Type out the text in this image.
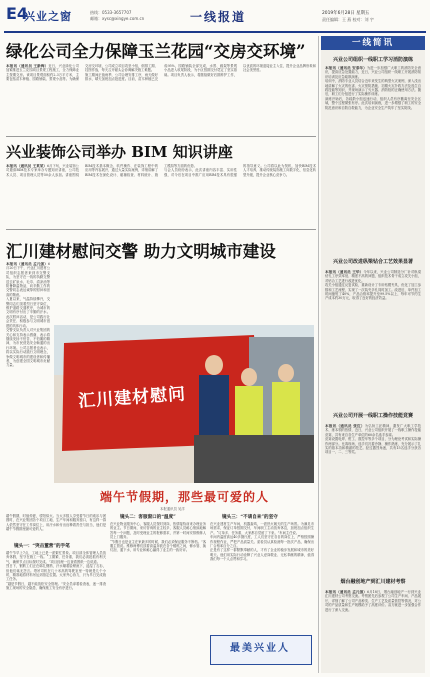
E4
兴业之窗	热线：0533-3657707
邮箱：xysc@xingye.com.cn	一线报道	2019年6月28日 星期五
责任编辑：王 燕 校对：刘 宇
绿化公司全力保障玉兰花园“交房交环境”
本报讯（通讯员 王新梅）近日，兴业绿化公司加紧推进玉兰花园项目景观工程施工，全力保障业主按期交房。该项目景观面积约2.3万平方米，主要包括苗木种植、园路铺装、景观小品等。为确保交房交环境，公司成立项目攻坚小组，倒排工期、挂图作战，每天召开碰头会协调解决施工难题。
施工期间正值雨季，公司合理安排工序，雨天做好排水，晴天加班加点抢进度。目前，苗木种植已完成95%，园路铺装全部完成，水景、廊架等景观小品进入收尾阶段，为小区按期交付奠定了坚实基础。项目负责人表示，将继续做好后期养护工作，以优质的环境迎接业主入住，提升企业品牌形象和社会美誉度。
兴业装饰公司举办 BIM 知识讲座
本报讯（通讯员 王某某）6月下旬，兴业装饰公司邀请BIM技术专家举办专题知识讲座，公司技术人员、项目管理人员等50余人参加。讲座围绕BIM技术基本概念、软件操作、在装饰工程中的应用等内容展开，通过大量实际案例，详细讲解了BIM技术在深化设计、碰撞检查、材料统计、施工模拟等方面的优势。
与会人员纷纷表示，此次讲座内容丰富、实用性强，对今后在项目中推广应用BIM技术具有很强的指导意义。公司将以此为契机，加快BIM技术人才培养，推动传统装饰施工向数字化、信息化转型升级，提升企业核心竞争力。
汇川建材慰问交警 助力文明城市建设
本报讯（通讯员 孟凡强）6月20日下午，兴业汇川建材公司组织志愿者来到市交警支队，为坚守在一线的执勤交警送去矿泉水、毛巾、清凉油等防暑降温物品，向辛勤工作的交警同志表达诚挚的慰问和崇高的敬意。
入夏以来，气温持续攀升，交警同志们顶着烈日坚守岗位，维护道路交通秩序，为城市的文明有序付出了辛勤的汗水。此次慰问活动，是公司践行社会责任、积极参与文明城市创建的具体行动。
交警支队负责人对兴业集团的关心和支持表示感谢，表示将继续发扬不怕苦、不怕累的精神，为市民营造安全畅通的出行环境。公司志愿者也表示，将以实际行动践行文明理念，争做文明城市的建设者和传播者，为创建全国文明城市贡献力量。
汇川建材慰问
端午节假期，那些最可爱的人
本报通讯员 吴洋
端午假期，时值仲夏，骄阳似火。当大多数人享受着节日的欢乐与团圆时，在兴业集团各个项目工地、生产车间和服务窗口，有这样一群人依然坚守在工作岗位上，用汗水和付出诠释着责任与担当，他们是端午节假期里最可爱的人。
镜头一：“突击董营”的手笔
端午节早上7点，工地上已是一派繁忙景象。项目部全体管理人员放弃休假，坚守在施工一线。“工期紧、任务重，我们必须抢抓有利天气，确保节点目标按时完成。”项目经理一边查看图纸一边说道。
烈日下，钢筋工们正在绑扎钢筋，汗水顺着脸颊流下，浸湿了衣衫，但他们毫无怨言。塔吊司机在几十米高的驾驶室里一待就是几个小时，精准地将材料吊运到指定位置。大家齐心协力，只为早日完成施工任务。
“越是节假日，越不能放松安全管理。”安全员拿着检查表，逐一排查施工现场的安全隐患，确保施工安全有序进行。
镜头二：客服窗口的“温度”
在兴业物业服务中心，客服人员按时到岗，热情接待前来办理业务的业主。节日期间，来访咨询的业主较多，客服人员耐心细致地解答每一个问题，及时受理业主的报修需求，并第一时间安排维修人员上门服务。
“节假日也是业主在家最多的时候，我们必须保证服务不断档。”客服主管说。维修师傅们顶着高温奔波在各个楼栋之间，修水管、换灯泡、通下水，用专业和耐心赢得了业主的一致好评。
镜头三：“不请自来”的坚守
在兴业建材生产车间，机器轰鸣，一派热火朝天的生产场景。为满足市场需求，保证订单按期交付，车间职工主动放弃休息，加班加点组织生产。“订单多、任务重，大家都自觉留了下来。”车间主任说。
车间内温度高达40多摄氏度，工人们坚守在各自的岗位上，严格按照操作规程作业，严把产品质量关。质检员认真检测每一批次产品，确保出厂合格率百分之百。
正是有了这样一群默默奉献的人，才有了企业的稳步发展和城市的美好明天。他们用实际行动诠释了兴业人爱岗敬业、无私奉献的精神，值得我们每一个人点赞和学习。
最美兴业人
一线简讯
兴业公司组织一线职工学习消防演练
本报讯（通讯员 安泰年）为进一步加强广大职工的消防安全意识，提高应急处置能力，近日，兴业公司组织一线职工开展消防知识培训及应急疏散演练。
培训中，消防专业人员结合近年来发生的典型火灾案例，深入浅出地讲解了火灾的危害、火灾预防措施、初期火灾扑救方法及逃生自救技能等知识，并现场演示了灭火器、消防栓的正确使用方法。随后，职工们分组进行了实际操作训练。
演练开始后，各疏散小组迅速行动，组织人员有序撤离至安全区域，整个过程紧张有序。此次培训演练，进一步增强了职工的安全防范意识和自防自救能力，为企业安全生产筑牢了坚实防线。
兴业公司改进纵梁钻合工艺效果显著
本报讯（通讯员 王华）今年以来，兴业公司制造分厂针对纵梁钻孔工序效率低、精度不高的问题，组织技术骨干成立攻关小组，对钻合工艺进行改进优化。
攻关小组通过反复试验，重新设计了专用钻模夹具，优化了加工参数和工艺流程，实现了一次装夹多孔同时加工。改进后，单件加工时间缩短了40%，产品合格率提升至99.5%以上，每年可节约生产成本约30万元，取得了良好的经济效益。
兴业公司开展一线职工操作技能竞赛
本报讯（通讯员 张红）为弘扬工匠精神，激发广大职工学技术、练本领的热情，近日，兴业公司组织开展了一线职工操作技能竞赛，共有来自各生产单位的60余名选手参赛。
竞赛设置电焊、钳工、数控车等多个项目，分为理论考试和实际操作两部分。比赛现场，选手们沉着冷静、操作熟练，充分展示了扎实的基本功和精湛的技艺。经过激烈角逐，共有15名选手分获各项目一、二、三等奖。
烟台融创地产到汇川建材考察
本报讯（通讯员 孟凡强）6月18日，烟台融创地产一行到兴业汇川建材公司考察交流。考察团先后参观了公司生产车间、产品展厅，详细了解了公司产品种类、生产工艺及质量管控等情况，对公司的产品质量和生产规模给予了高度评价。双方就进一步加强合作进行了深入交流。
